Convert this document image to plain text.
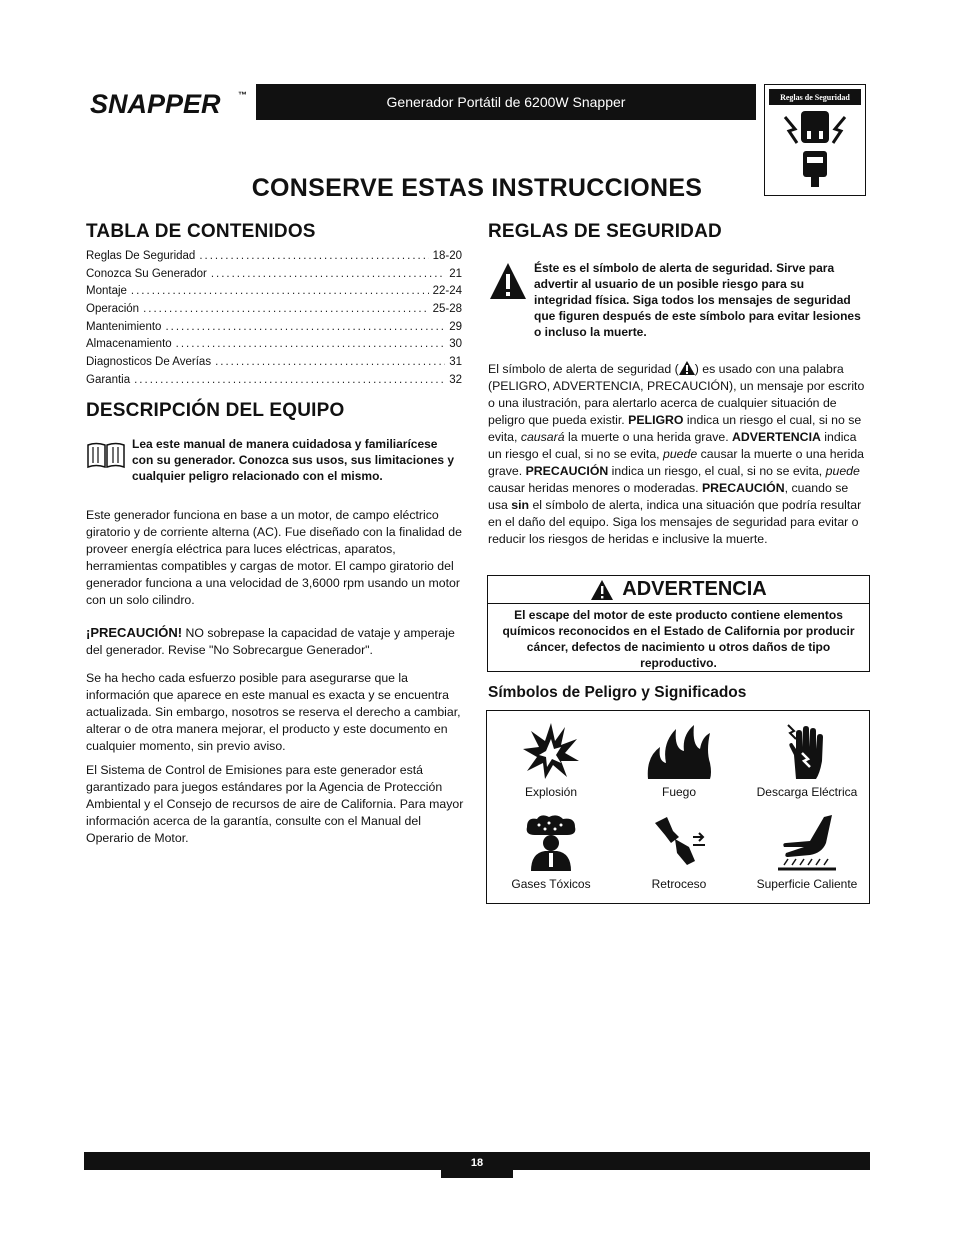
SNAPPER ™	Generador Portátil de 6200W Snapper	Reglas de Seguridad
CONSERVE ESTAS INSTRUCCIONES
TABLA DE CONTENIDOS
Reglas De Seguridad .....	18-20
Conozca Su Generador .....	21
Montaje .....	22-24
Operación .....	25-28
Mantenimiento .....	29
Almacenamiento .....	30
Diagnosticos De Averías .....	31
Garantia .....	32
DESCRIPCIÓN DEL EQUIPO

Lea este manual de manera cuidadosa y familiarícese con su generador. Conozca sus usos, sus limitaciones y cualquier peligro relacionado con el mismo.

Este generador funciona en base a un motor, de campo eléctrico giratorio y de corriente alterna (AC). Fue diseñado con la finalidad de proveer energía eléctrica para luces eléctricas, aparatos, herramientas compatibles y cargas de motor. El campo giratorio del generador funciona a una velocidad de 3,6000 rpm usando un motor con un solo cilindro.

¡PRECAUCIÓN! NO sobrepase la capacidad de vataje y amperaje del generador. Revise "No Sobrecargue Generador".

Se ha hecho cada esfuerzo posible para asegurarse que la información que aparece en este manual es exacta y se encuentra actualizada. Sin embargo, nosotros se reserva el derecho a cambiar, alterar o de otra manera mejorar, el producto y este documento en cualquier momento, sin previo aviso.

El Sistema de Control de Emisiones para este generador está garantizado para juegos estándares por la Agencia de Protección Ambiental y el Consejo de recursos de aire de California. Para mayor información acerca de la garantía, consulte con el Manual del Operario de Motor.

REGLAS DE SEGURIDAD

Éste es el símbolo de alerta de seguridad. Sirve para advertir al usuario de un posible riesgo para su integridad física. Siga todos los mensajes de seguridad que figuren después de este símbolo para evitar lesiones o incluso la muerte.

El símbolo de alerta de seguridad ( ) es usado con una palabra (PELIGRO, ADVERTENCIA, PRECAUCIÓN), un mensaje por escrito o una ilustración, para alertarlo acerca de cualquier situación de peligro que pueda existir. PELIGRO indica un riesgo el cual, si no se evita, causará la muerte o una herida grave. ADVERTENCIA indica un riesgo el cual, si no se evita, puede causar la muerte o una herida grave. PRECAUCIÓN indica un riesgo, el cual, si no se evita, puede causar heridas menores o moderadas. PRECAUCIÓN, cuando se usa sin el símbolo de alerta, indica una situación que podría resultar en el daño del equipo. Siga los mensajes de seguridad para evitar o reducir los riesgos de heridas e inclusive la muerte.

ADVERTENCIA
El escape del motor de este producto contiene elementos químicos reconocidos en el Estado de California por producir cáncer, defectos de nacimiento u otros daños de tipo reproductivo.
Símbolos de Peligro y Significados
Explosión	Fuego	Descarga Eléctrica
Gases Tóxicos	Retroceso	Superficie Caliente
18
